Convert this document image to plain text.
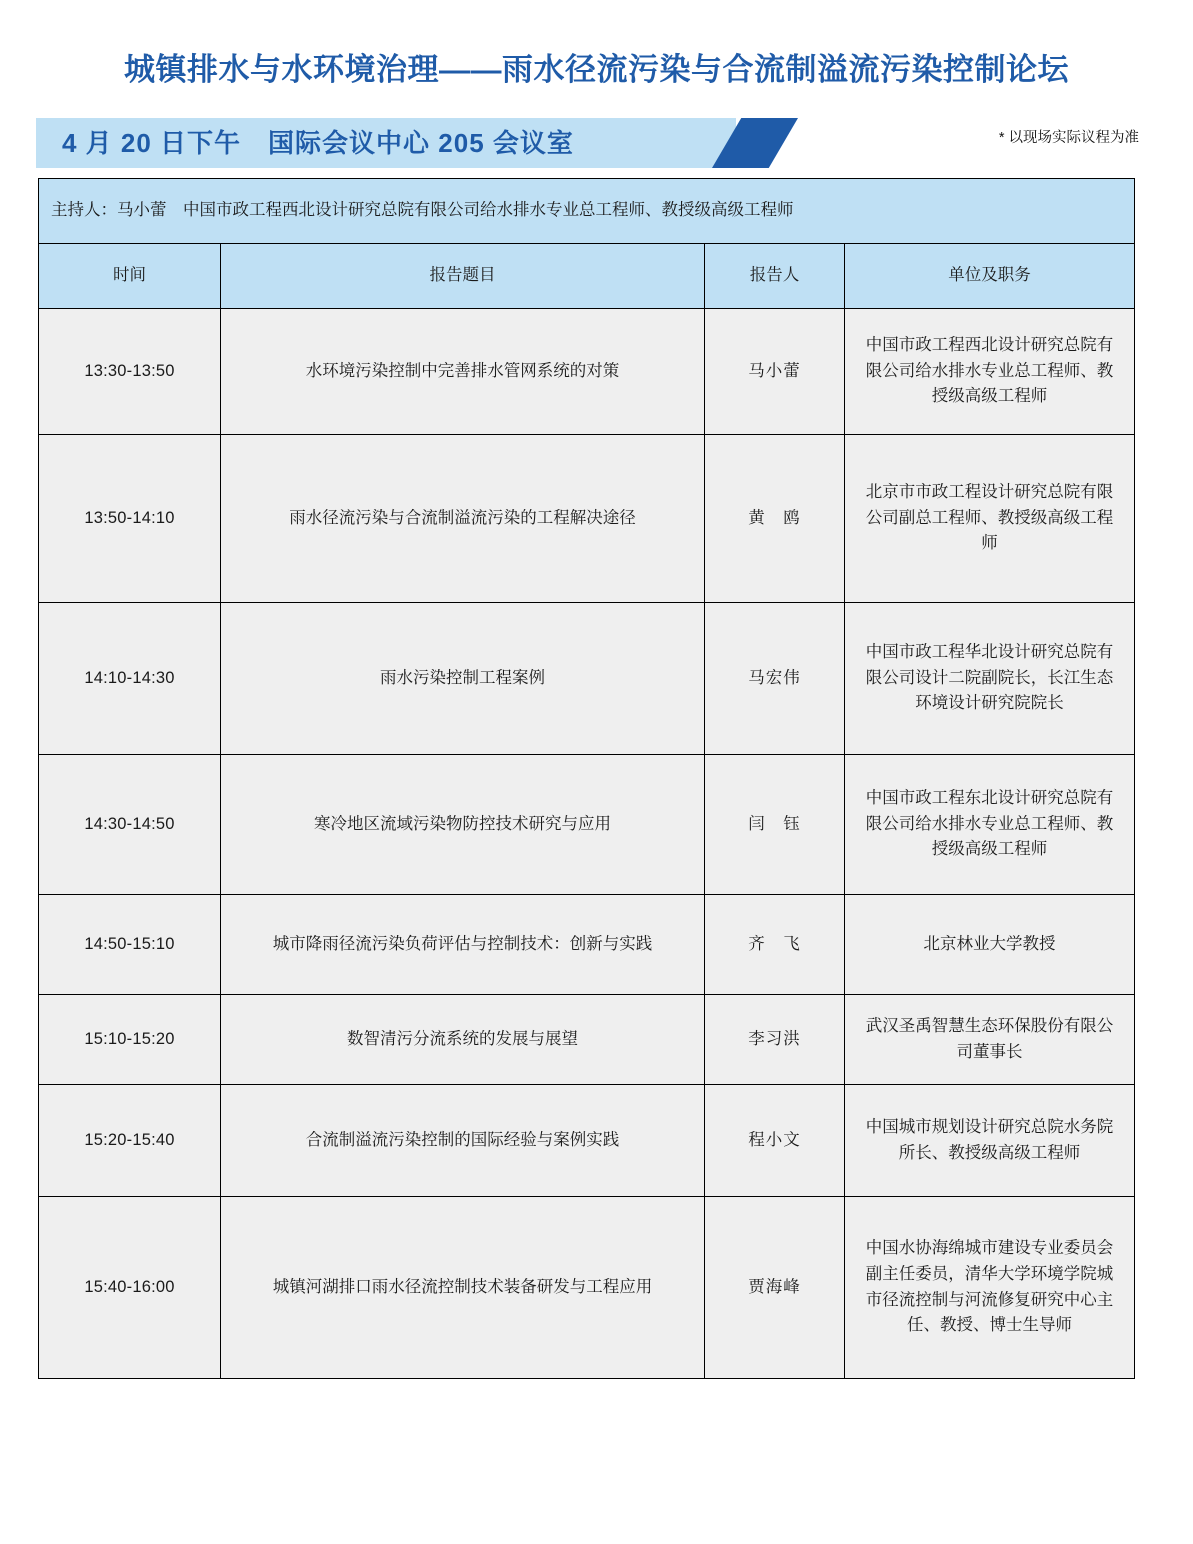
城镇排水与水环境治理——雨水径流污染与合流制溢流污染控制论坛
4 月 20 日下午　国际会议中心 205 会议室	* 以现场实际议程为准
主持人：马小蕾　中国市政工程西北设计研究总院有限公司给水排水专业总工程师、教授级高级工程师			
时间	报告题目	报告人	单位及职务
13:30-13:50	水环境污染控制中完善排水管网系统的对策	马小蕾	中国市政工程西北设计研究总院有限公司给水排水专业总工程师、教授级高级工程师
13:50-14:10	雨水径流污染与合流制溢流污染的工程解决途径	黄　鸥	北京市市政工程设计研究总院有限公司副总工程师、教授级高级工程师
14:10-14:30	雨水污染控制工程案例	马宏伟	中国市政工程华北设计研究总院有限公司设计二院副院长，长江生态环境设计研究院院长
14:30-14:50	寒冷地区流域污染物防控技术研究与应用	闫　钰	中国市政工程东北设计研究总院有限公司给水排水专业总工程师、教授级高级工程师
14:50-15:10	城市降雨径流污染负荷评估与控制技术：创新与实践	齐　飞	北京林业大学教授
15:10-15:20	数智清污分流系统的发展与展望	李习洪	武汉圣禹智慧生态环保股份有限公司董事长
15:20-15:40	合流制溢流污染控制的国际经验与案例实践	程小文	中国城市规划设计研究总院水务院所长、教授级高级工程师
15:40-16:00	城镇河湖排口雨水径流控制技术装备研发与工程应用	贾海峰	中国水协海绵城市建设专业委员会副主任委员，清华大学环境学院城市径流控制与河流修复研究中心主任、教授、博士生导师
